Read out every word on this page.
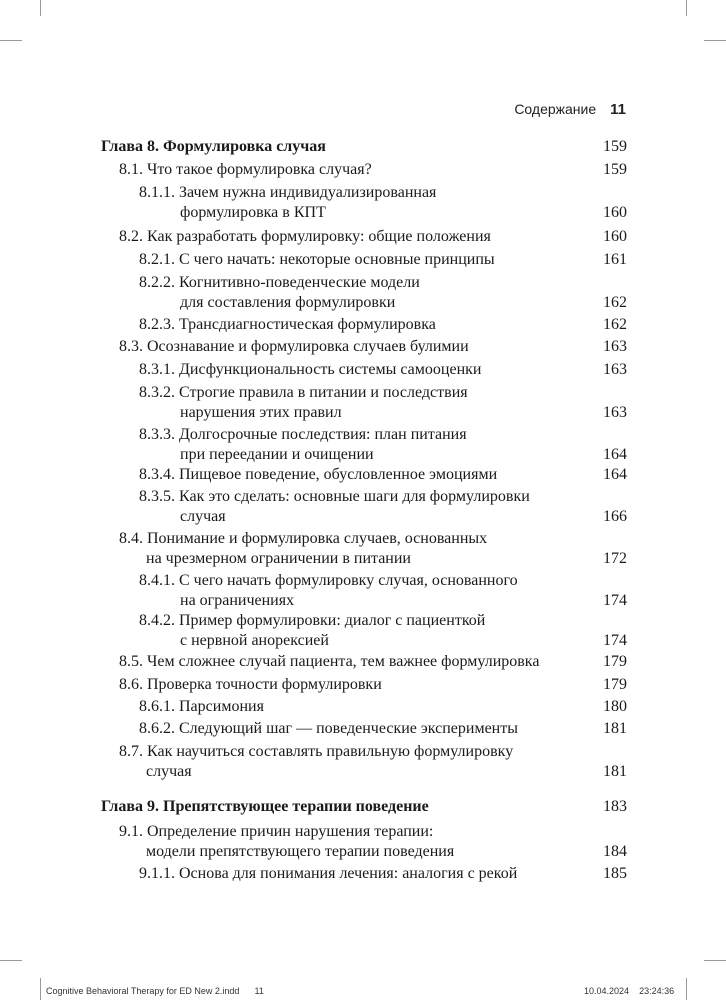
Содержание 11
Глава 8. Формулировка случая	159
8.1. Что такое формулировка случая?	159
8.1.1. Зачем нужна индивидуализированная
формулировка в КПТ	160
8.2. Как разработать формулировку: общие положения	160
8.2.1. С чего начать: некоторые основные принципы	161
8.2.2. Когнитивно-поведенческие модели
для составления формулировки	162
8.2.3. Трансдиагностическая формулировка	162
8.3. Осознавание и формулировка случаев булимии	163
8.3.1. Дисфункциональность системы самооценки	163
8.3.2. Строгие правила в питании и последствия
нарушения этих правил	163
8.3.3. Долгосрочные последствия: план питания
при переедании и очищении	164
8.3.4. Пищевое поведение, обусловленное эмоциями	164
8.3.5. Как это сделать: основные шаги для формулировки
случая	166
8.4. Понимание и формулировка случаев, основанных
на чрезмерном ограничении в питании	172
8.4.1. С чего начать формулировку случая, основанного
на ограничениях	174
8.4.2. Пример формулировки: диалог с пациенткой
с нервной анорексией	174
8.5. Чем сложнее случай пациента, тем важнее формулировка	179
8.6. Проверка точности формулировки	179
8.6.1. Парсимония	180
8.6.2. Следующий шаг — поведенческие эксперименты	181
8.7. Как научиться составлять правильную формулировку
случая	181
Глава 9. Препятствующее терапии поведение	183
9.1. Определение причин нарушения терапии:
модели препятствующего терапии поведения	184
9.1.1. Основа для понимания лечения: аналогия с рекой	185
Cognitive Behavioral Therapy for ED New 2.indd 11	10.04.2024 23:24:36
